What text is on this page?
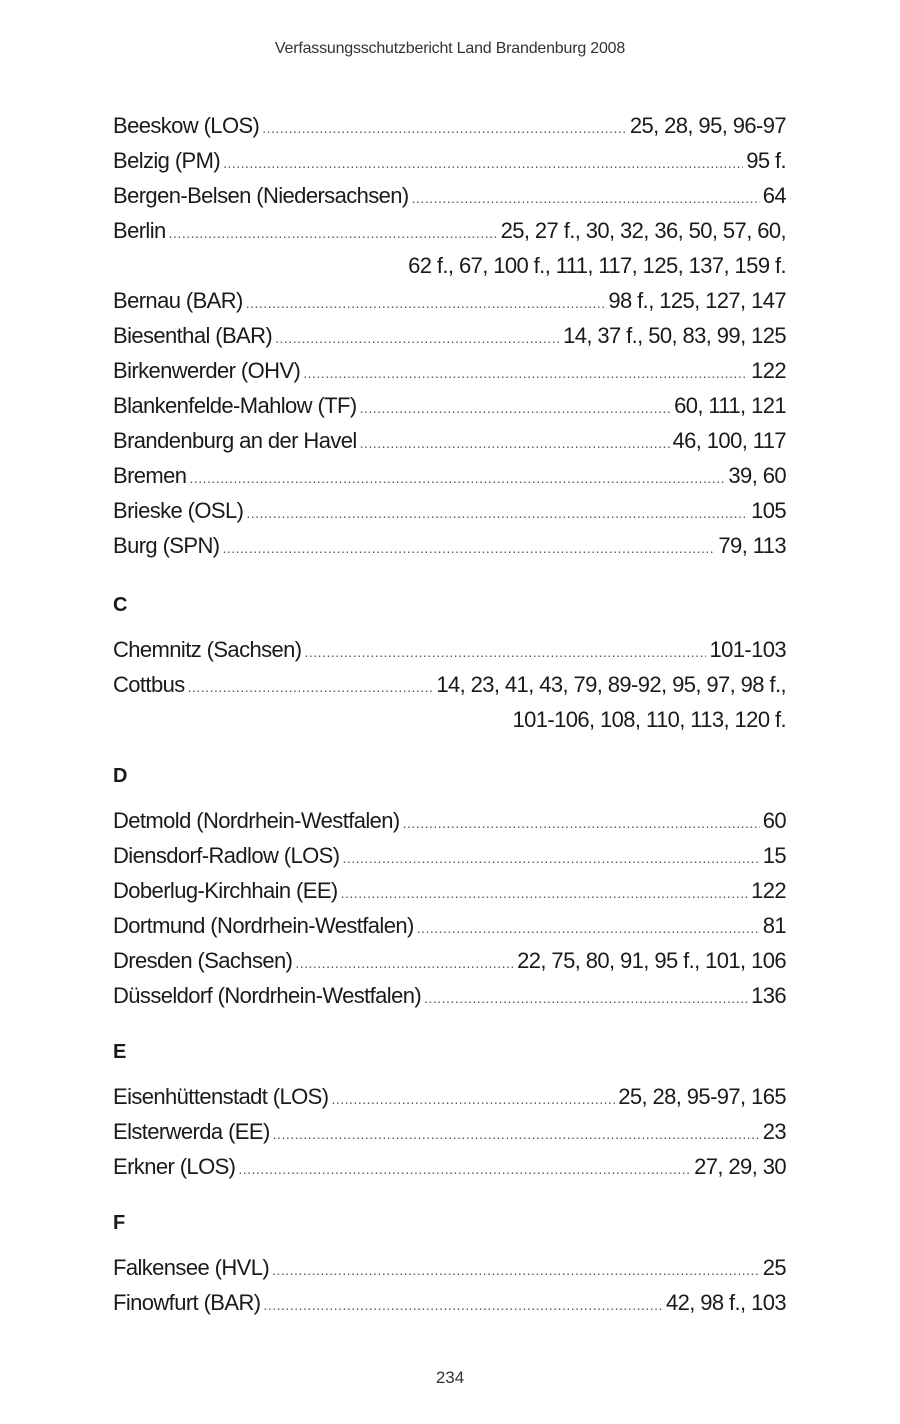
Verfassungsschutzbericht Land Brandenburg 2008
Beeskow (LOS) .....	25, 28, 95, 96-97
Belzig (PM) .....	95 f.
Bergen-Belsen (Niedersachsen) .....	64
Berlin .....	25, 27 f., 30, 32, 36, 50, 57, 60,
62 f., 67, 100 f., 111, 117, 125, 137, 159 f.
Bernau (BAR) .....	98 f., 125, 127, 147
Biesenthal (BAR) .....	14, 37 f., 50, 83, 99, 125
Birkenwerder (OHV) .....	122
Blankenfelde-Mahlow (TF) .....	60, 111, 121
Brandenburg an der Havel .....	46, 100, 117
Bremen .....	39, 60
Brieske (OSL) .....	105
Burg (SPN) .....	79, 113
C
Chemnitz (Sachsen) .....	101-103
Cottbus .....	14, 23, 41, 43, 79, 89-92, 95, 97, 98 f.,
101-106, 108, 110, 113, 120 f.
D
Detmold (Nordrhein-Westfalen) .....	60
Diensdorf-Radlow (LOS) .....	15
Doberlug-Kirchhain (EE) .....	122
Dortmund (Nordrhein-Westfalen) .....	81
Dresden (Sachsen) .....	22, 75, 80, 91, 95 f., 101, 106
Düsseldorf (Nordrhein-Westfalen) .....	136
E
Eisenhüttenstadt (LOS) .....	25, 28, 95-97, 165
Elsterwerda (EE) .....	23
Erkner (LOS) .....	27, 29, 30
F
Falkensee (HVL) .....	25
Finowfurt (BAR) .....	42, 98 f., 103
234
